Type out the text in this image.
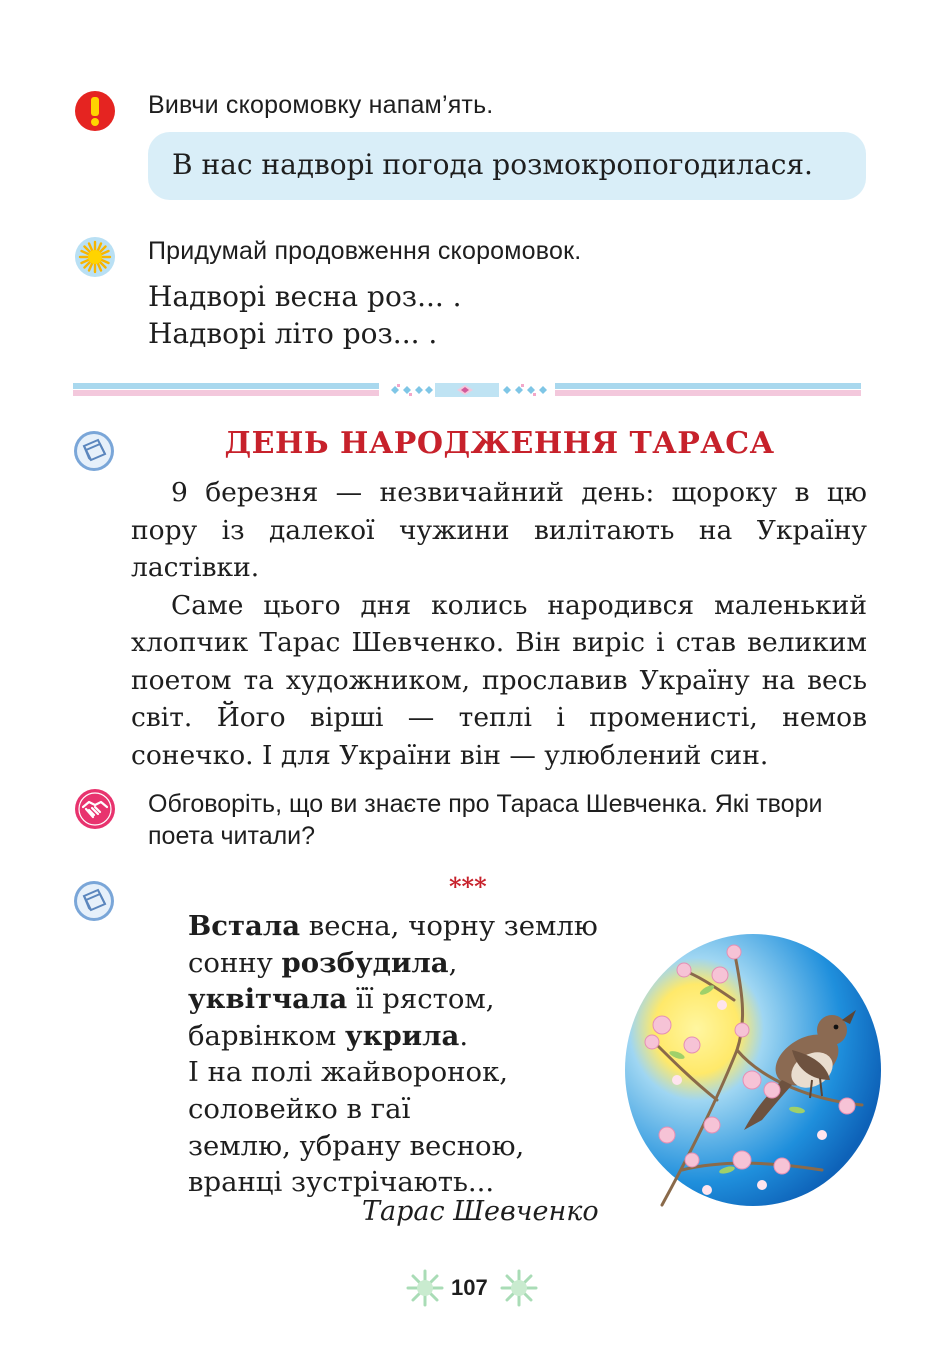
Вивчи скоромовку напам’ять.
В нас надворі погода розмокропогодилася.
Придумай продовження скоромовок.
Надворі весна роз... .
Надворі літо роз... .
ДЕНЬ НАРОДЖЕННЯ ТАРАСА

9 березня — незвичайний день: щороку в цю пору із далекої чужини вилітають на Україну ластівки.

Саме цього дня колись народився маленький хлопчик Тарас Шевченко. Він виріс і став великим поетом та художником, прославив Україну на весь світ. Його вірші — теплі і променисті, немов сонечко. І для України він — улюблений син.

Обговоріть, що ви знаєте про Тараса Шевченка. Які твори поета читали?
***
Встала весна, чорну землю
сонну розбудила,
уквітчала її рястом,
барвінком укрила.
І на полі жайворонок,
соловейко в гаї
землю, убрану весною,
вранці зустрічають...
Тарас Шевченко
107
